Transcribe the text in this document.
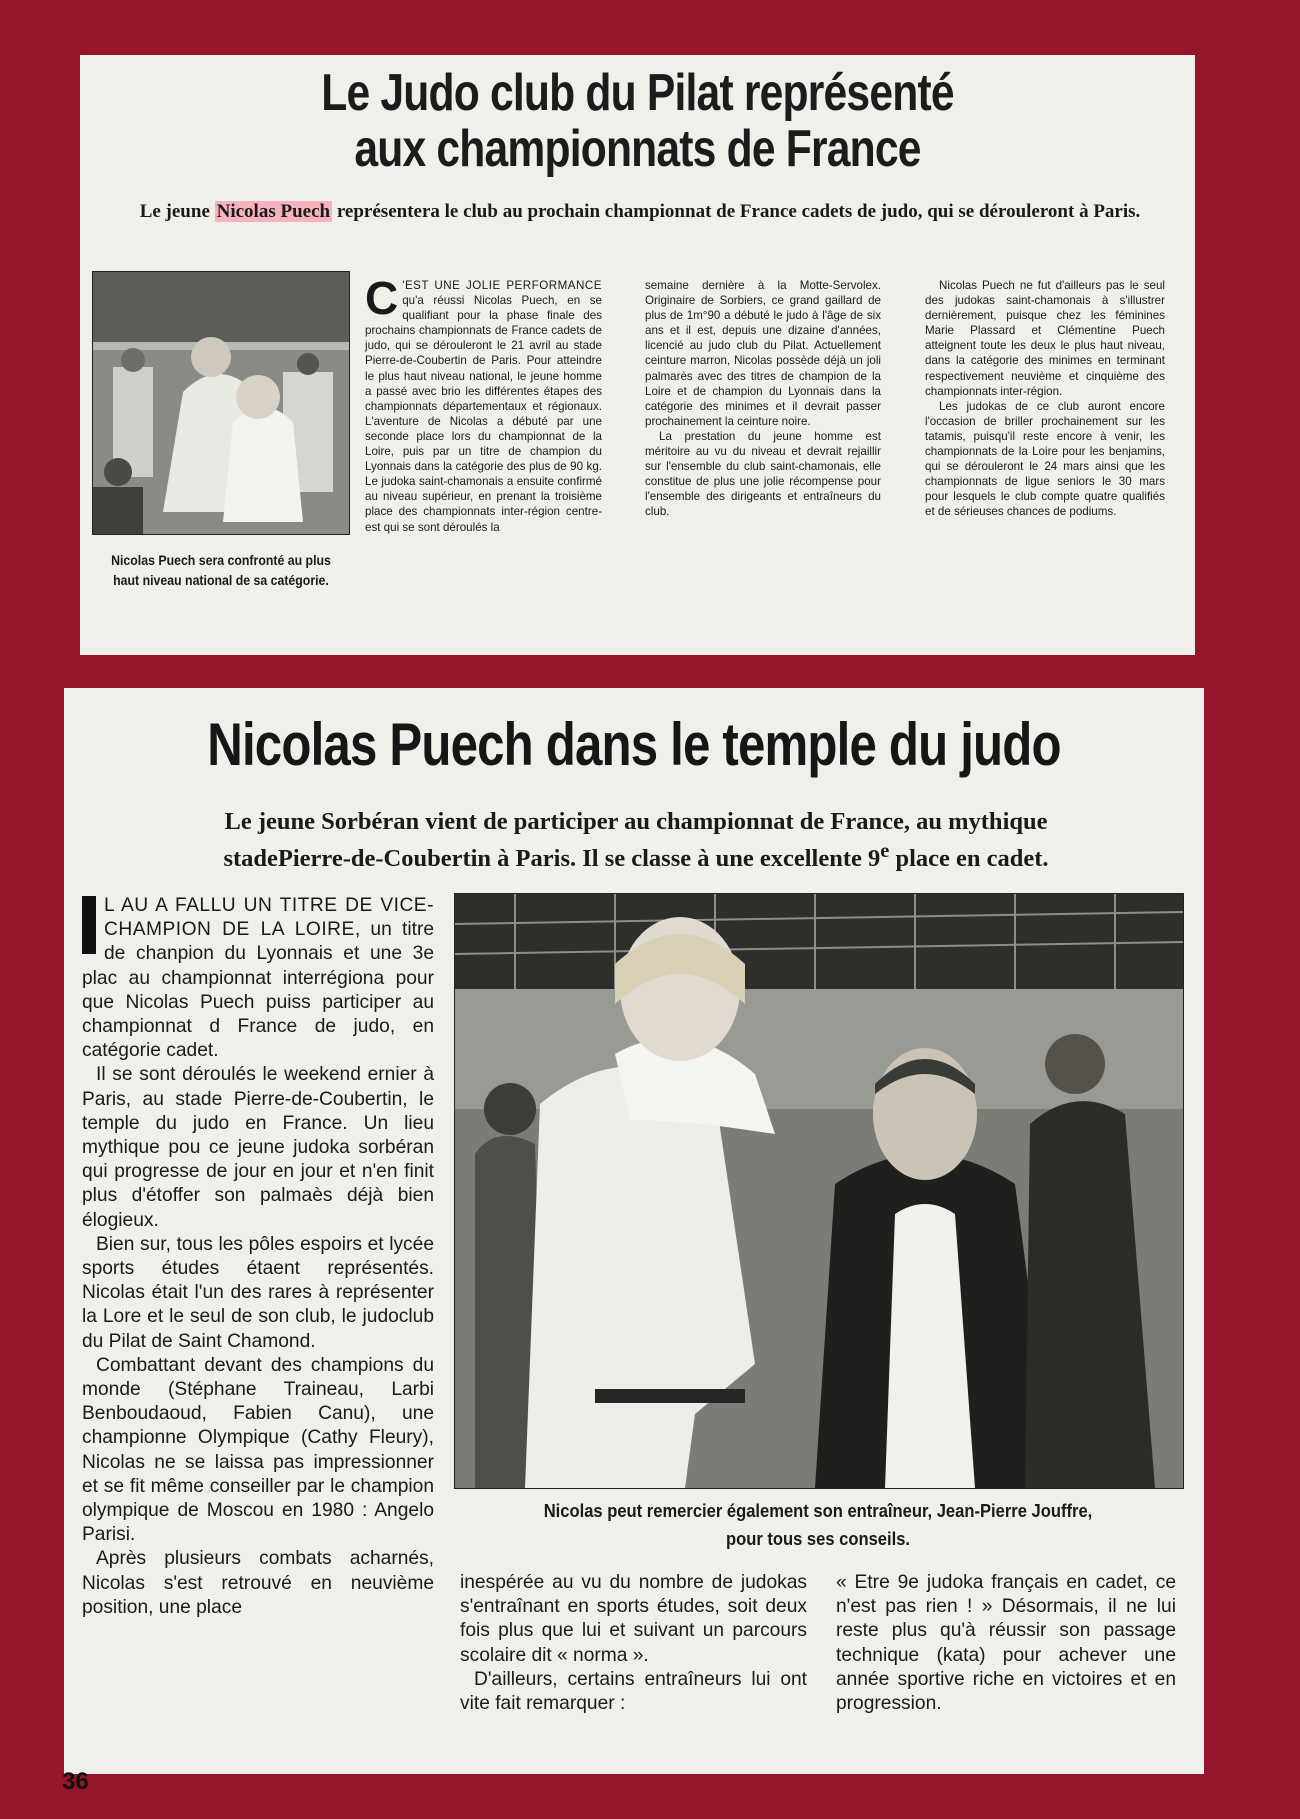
Le Judo club du Pilat représenté
aux championnats de France
Le jeune Nicolas Puech représentera le club au prochain championnat de France cadets de judo, qui se dérouleront à Paris.
Nicolas Puech sera confronté au plus haut niveau national de sa catégorie.

C 'EST UNE JOLIE PERFORMANCE qu'a réussi Nicolas Puech, en se qualifiant pour la phase finale des prochains championnats de France cadets de judo, qui se dérouleront le 21 avril au stade Pierre-de-Coubertin de Paris. Pour atteindre le plus haut niveau national, le jeune homme a passé avec brio les différentes étapes des championnats départementaux et régionaux. L'aventure de Nicolas a débuté par une seconde place lors du championnat de la Loire, puis par un titre de champion du Lyonnais dans la catégorie des plus de 90 kg. Le judoka saint-chamonais a ensuite confirmé au niveau supérieur, en prenant la troisième place des championnats inter-région centre-est qui se sont déroulés la

semaine dernière à la Motte-Servolex. Originaire de Sorbiers, ce grand gaillard de plus de 1m°90 a débuté le judo à l'âge de six ans et il est, depuis une dizaine d'années, licencié au judo club du Pilat. Actuellement ceinture marron, Nicolas possède déjà un joli palmarès avec des titres de champion de la Loire et de champion du Lyonnais dans la catégorie des minimes et il devrait passer prochainement la ceinture noire.

La prestation du jeune homme est méritoire au vu du niveau et devrait rejaillir sur l'ensemble du club saint-chamonais, elle constitue de plus une jolie récompense pour l'ensemble des dirigeants et entraîneurs du club.

Nicolas Puech ne fut d'ailleurs pas le seul des judokas saint-chamonais à s'illustrer dernièrement, puisque chez les féminines Marie Plassard et Clémentine Puech atteignent toute les deux le plus haut niveau, dans la catégorie des minimes en terminant respectivement neuvième et cinquième des championnats inter-région.

Les judokas de ce club auront encore l'occasion de briller prochainement sur les tatamis, puisqu'il reste encore à venir, les championnats de la Loire pour les benjamins, qui se dérouleront le 24 mars ainsi que les championnats de ligue seniors le 30 mars pour lesquels le club compte quatre qualifiés et de sérieuses chances de podiums.

Nicolas Puech dans le temple du judo
Le jeune Sorbéran vient de participer au championnat de France, au mythique
stadePierre-de-Coubertin à Paris. Il se classe à une excellente 9e place en cadet.
Nicolas peut remercier également son entraîneur, Jean-Pierre Jouffre,
pour tous ses conseils.

I L AU A FALLU UN TITRE DE VICE-CHAMPION DE LA LOIRE, un titre de chanpion du Lyonnais et une 3e plac au championnat interrégiona pour que Nicolas Puech puiss participer au championnat d France de judo, en catégorie cadet.

Il se sont déroulés le weekend ernier à Paris, au stade Pierre-de-Coubertin, le temple du judo en France. Un lieu mythique pou ce jeune judoka sorbéran qui progresse de jour en jour et n'en finit plus d'étoffer son palmaès déjà bien élogieux.

Bien sur, tous les pôles espoirs et lycée sports études étaent représentés. Nicolas était l'un des rares à représenter la Lore et le seul de son club, le judoclub du Pilat de Saint Chamond.

Combattant devant des champions du monde (Stéphane Traineau, Larbi Benboudaoud, Fabien Canu), une championne Olympique (Cathy Fleury), Nicolas ne se laissa pas impressionner et se fit même conseiller par le champion olympique de Moscou en 1980 : Angelo Parisi.

Après plusieurs combats acharnés, Nicolas s'est retrouvé en neuvième position, une place

inespérée au vu du nombre de judokas s'entraînant en sports études, soit deux fois plus que lui et suivant un parcours scolaire dit « norma ».

D'ailleurs, certains entraîneurs lui ont vite fait remarquer :

« Etre 9e judoka français en cadet, ce n'est pas rien ! » Désormais, il ne lui reste plus qu'à réussir son passage technique (kata) pour achever une année sportive riche en victoires et en progression.

36
